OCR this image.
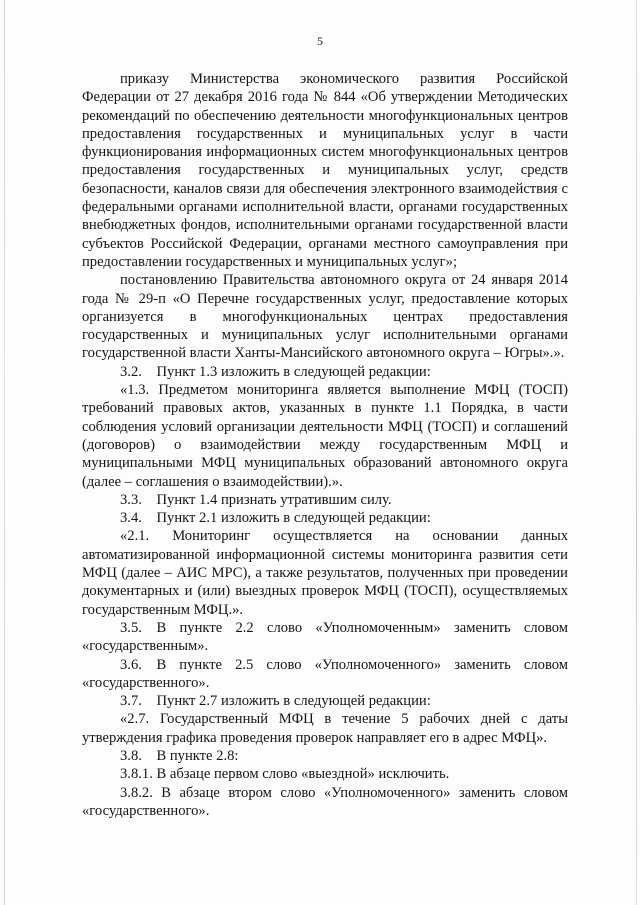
5

приказу Министерства экономического развития Российской Федерации от 27 декабря 2016 года № 844 «Об утверждении Методических рекомендаций по обеспечению деятельности многофункциональных центров предоставления государственных и муниципальных услуг в части функционирования информационных систем многофункциональных центров предоставления государственных и муниципальных услуг, средств безопасности, каналов связи для обеспечения электронного взаимодействия с федеральными органами исполнительной власти, органами государственных внебюджетных фондов, исполнительными органами государственной власти субъектов Российской Федерации, органами местного самоуправления при предоставлении государственных и муниципальных услуг»;

постановлению Правительства автономного округа от 24 января 2014 года № 29-п «О Перечне государственных услуг, предоставление которых организуется в многофункциональных центрах предоставления государственных и муниципальных услуг исполнительными органами государственной власти Ханты-Мансийского автономного округа – Югры».».

3.2. Пункт 1.3 изложить в следующей редакции:

«1.3. Предметом мониторинга является выполнение МФЦ (ТОСП) требований правовых актов, указанных в пункте 1.1 Порядка, в части соблюдения условий организации деятельности МФЦ (ТОСП) и соглашений (договоров) о взаимодействии между государственным МФЦ и муниципальными МФЦ муниципальных образований автономного округа (далее – соглашения о взаимодействии).».

3.3. Пункт 1.4 признать утратившим силу.

3.4. Пункт 2.1 изложить в следующей редакции:

«2.1. Мониторинг осуществляется на основании данных автоматизированной информационной системы мониторинга развития сети МФЦ (далее – АИС МРС), а также результатов, полученных при проведении документарных и (или) выездных проверок МФЦ (ТОСП), осуществляемых государственным МФЦ.».

3.5. В пункте 2.2 слово «Уполномоченным» заменить словом «государственным».

3.6. В пункте 2.5 слово «Уполномоченного» заменить словом «государственного».

3.7. Пункт 2.7 изложить в следующей редакции:

«2.7. Государственный МФЦ в течение 5 рабочих дней с даты утверждения графика проведения проверок направляет его в адрес МФЦ».

3.8. В пункте 2.8:

3.8.1. В абзаце первом слово «выездной» исключить.

3.8.2. В абзаце втором слово «Уполномоченного» заменить словом «государственного».
